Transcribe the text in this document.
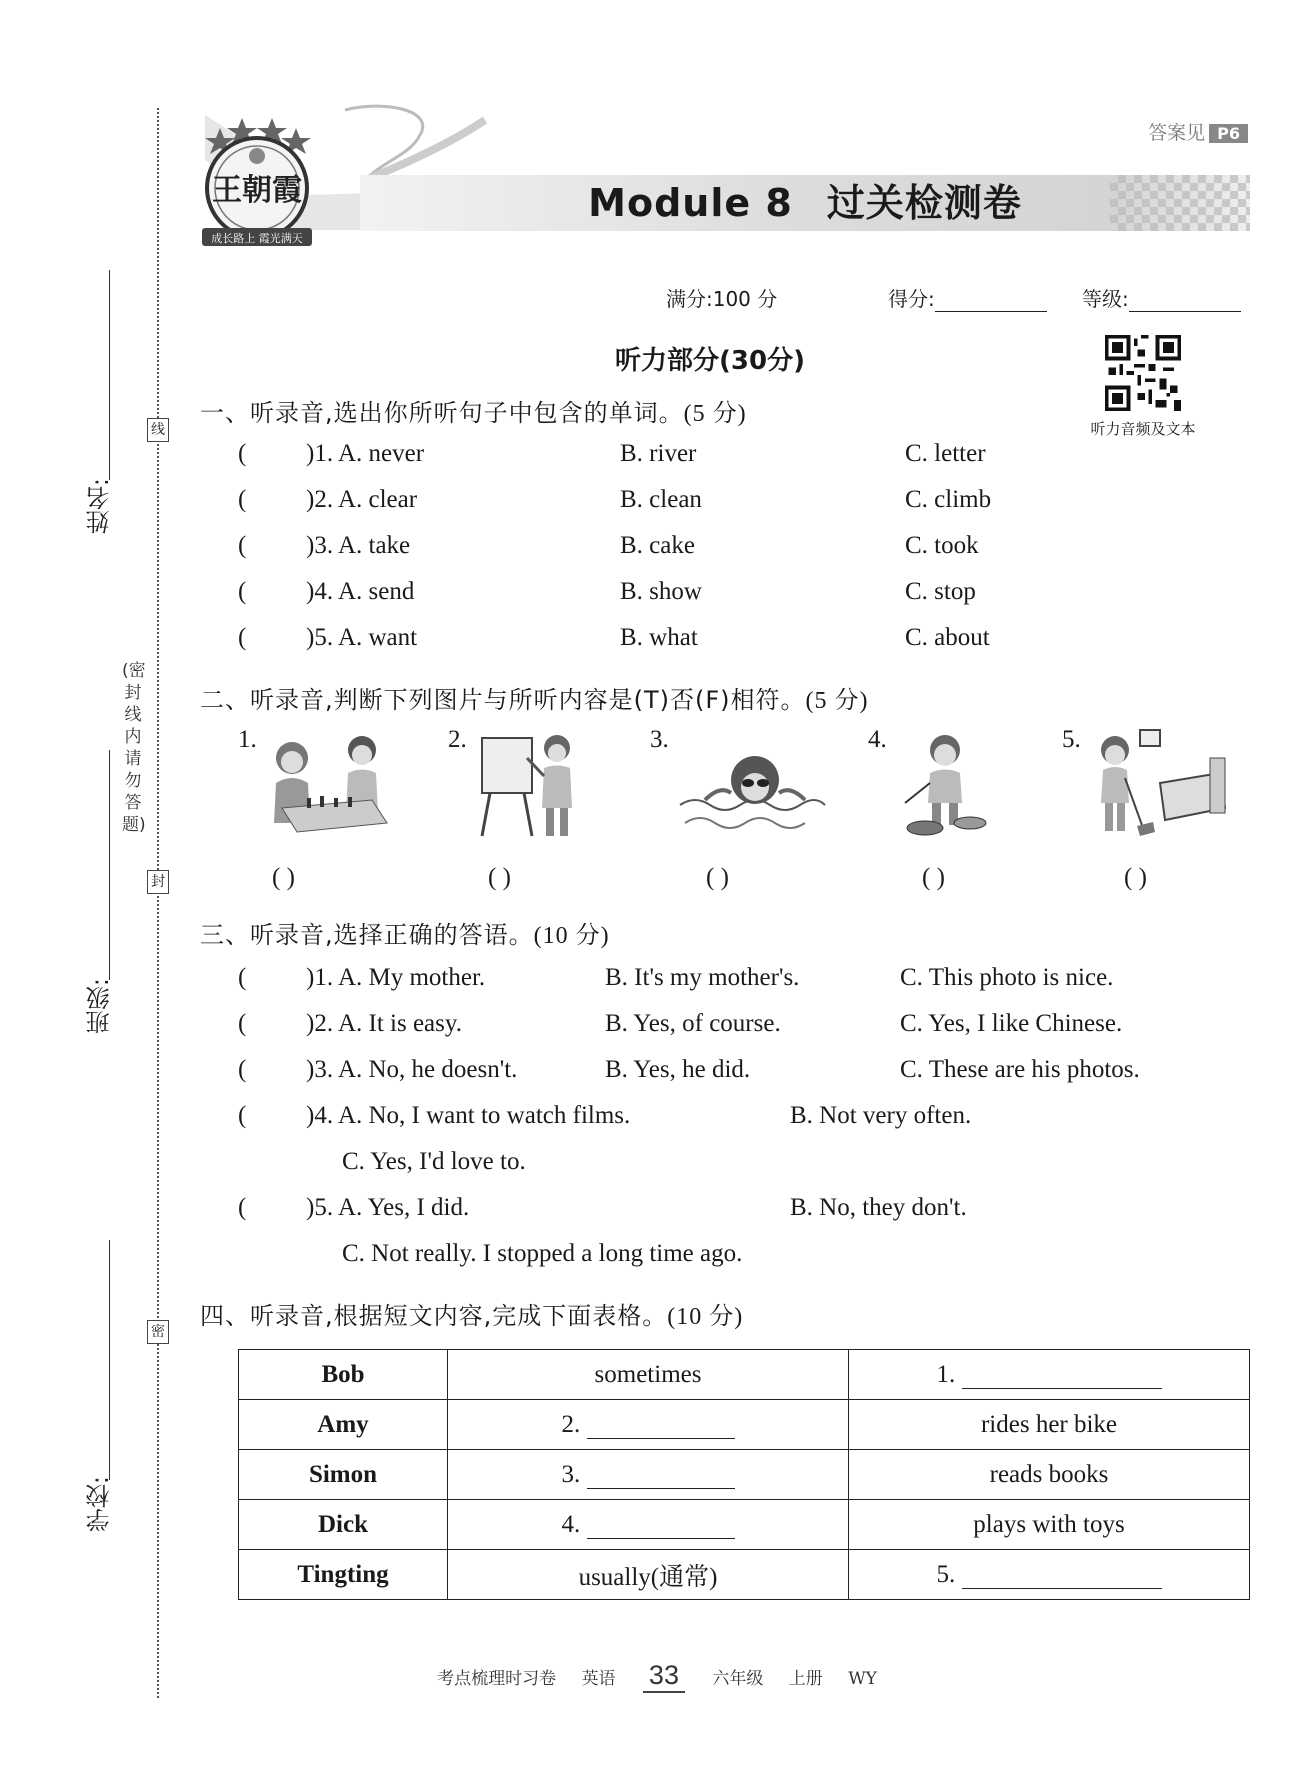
姓名:
班级:
学校:
线
封
密
(密封线内请勿答题)
王朝霞
成长路上 霞光满天
答案见 P6
Module 8 过关检测卷
满分:100 分	得分:	等级:
听力部分(30分)
听力音频及文本
一、听录音,选出你所听句子中包含的单词。(5 分)
( )1. A. never	B. river	C. letter
( )2. A. clear	B. clean	C. climb
( )3. A. take	B. cake	C. took
( )4. A. send	B. show	C. stop
( )5. A. want	B. what	C. about
二、听录音,判断下列图片与所听内容是(T)否(F)相符。(5 分)
1.
( )
2.
( )
3.
( )
4.
( )
5.
( )
三、听录音,选择正确的答语。(10 分)
( )1. A. My mother.	B. It's my mother's.	C. This photo is nice.
( )2. A. It is easy.	B. Yes, of course.	C. Yes, I like Chinese.
( )3. A. No, he doesn't.	B. Yes, he did.	C. These are his photos.
( )4. A. No, I want to watch films.	B. Not very often.
C. Yes, I'd love to.
( )5. A. Yes, I did.	B. No, they don't.
C. Not really. I stopped a long time ago.
四、听录音,根据短文内容,完成下面表格。(10 分)
Bob	sometimes	1.
Amy	2.	rides her bike
Simon	3.	reads books
Dick	4.	plays with toys
Tingting	usually(通常)	5.
考点梳理时习卷 英语 33 六年级 上册 WY
